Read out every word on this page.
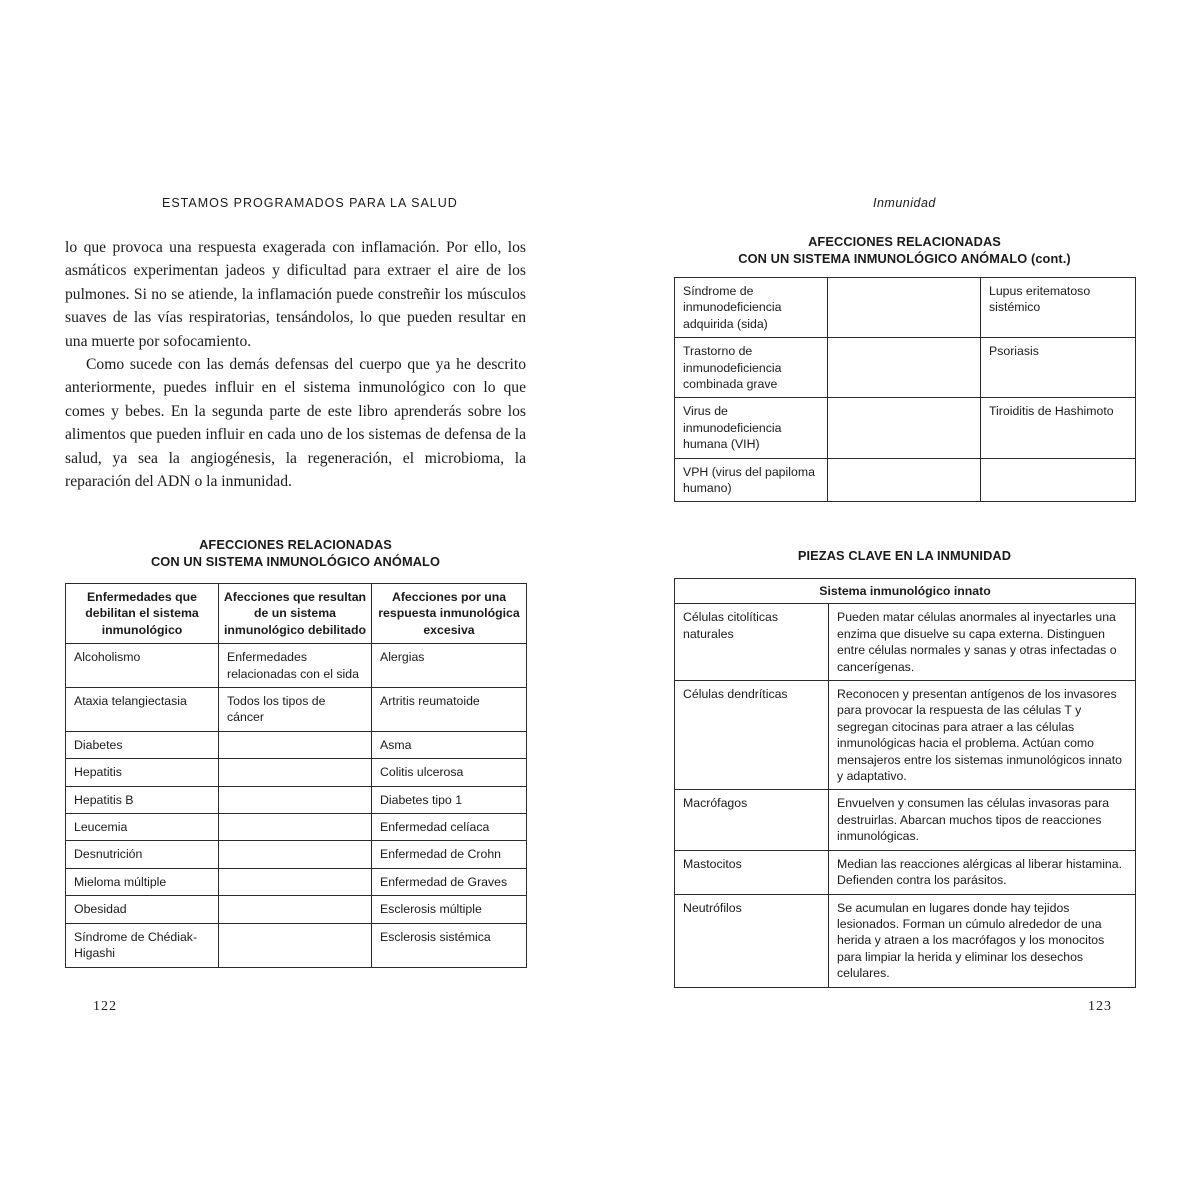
ESTAMOS PROGRAMADOS PARA LA SALUD

lo que provoca una respuesta exagerada con inflamación. Por ello, los asmáticos experimentan jadeos y dificultad para extraer el aire de los pulmones. Si no se atiende, la inflamación puede constreñir los músculos suaves de las vías respiratorias, tensándolos, lo que pueden resultar en una muerte por sofocamiento.

Como sucede con las demás defensas del cuerpo que ya he descrito anteriormente, puedes influir en el sistema inmunológico con lo que comes y bebes. En la segunda parte de este libro aprenderás sobre los alimentos que pueden influir en cada uno de los sistemas de defensa de la salud, ya sea la angiogénesis, la regeneración, el microbioma, la reparación del ADN o la inmunidad.

AFECCIONES RELACIONADAS
CON UN SISTEMA INMUNOLÓGICO ANÓMALO
Enfermedades que debilitan el sistema inmunológico	Afecciones que resultan de un sistema inmunológico debilitado	Afecciones por una respuesta inmunológica excesiva
Alcoholismo	Enfermedades relacionadas con el sida	Alergias
Ataxia telangiectasia	Todos los tipos de cáncer	Artritis reumatoide
Diabetes		Asma
Hepatitis		Colitis ulcerosa
Hepatitis B		Diabetes tipo 1
Leucemia		Enfermedad celíaca
Desnutrición		Enfermedad de Crohn
Mieloma múltiple		Enfermedad de Graves
Obesidad		Esclerosis múltiple
Síndrome de Chédiak-Higashi		Esclerosis sistémica
122
Inmunidad
AFECCIONES RELACIONADAS
CON UN SISTEMA INMUNOLÓGICO ANÓMALO (cont.)
Síndrome de inmunodeficiencia adquirida (sida)		Lupus eritematoso sistémico
Trastorno de inmunodeficiencia combinada grave		Psoriasis
Virus de inmunodeficiencia humana (VIH)		Tiroiditis de Hashimoto
VPH (virus del papiloma humano)		
PIEZAS CLAVE EN LA INMUNIDAD
Sistema inmunológico innato	
Células citolíticas naturales	Pueden matar células anormales al inyectarles una enzima que disuelve su capa externa. Distinguen entre células normales y sanas y otras infectadas o cancerígenas.
Células dendríticas	Reconocen y presentan antígenos de los invasores para provocar la respuesta de las células T y segregan citocinas para atraer a las células inmunológicas hacia el problema. Actúan como mensajeros entre los sistemas inmunológicos innato y adaptativo.
Macrófagos	Envuelven y consumen las células invasoras para destruirlas. Abarcan muchos tipos de reacciones inmunológicas.
Mastocitos	Median las reacciones alérgicas al liberar histamina. Defienden contra los parásitos.
Neutrófilos	Se acumulan en lugares donde hay tejidos lesionados. Forman un cúmulo alrededor de una herida y atraen a los macrófagos y los monocitos para limpiar la herida y eliminar los desechos celulares.
123
